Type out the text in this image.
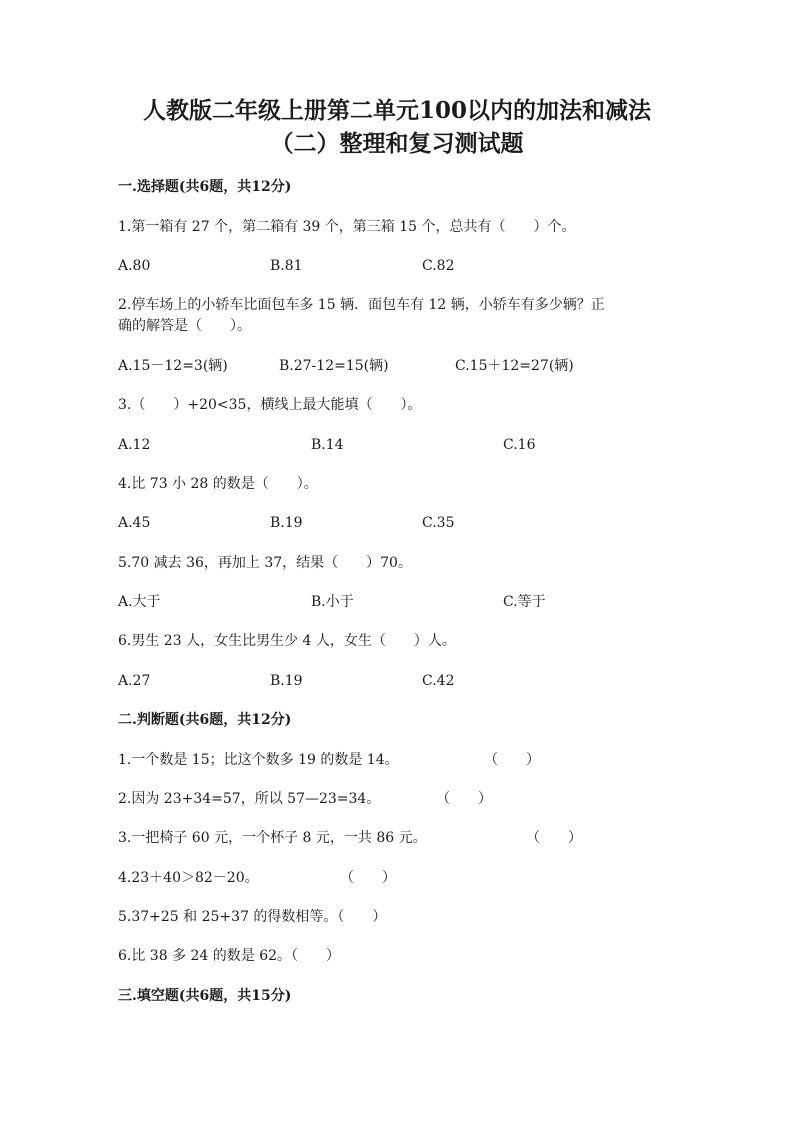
人教版二年级上册第二单元100以内的加法和减法
（二）整理和复习测试题
一.选择题(共6题，共12分)
1.第一箱有 27 个，第二箱有 39 个，第三箱 15 个，总共有（　　）个。
A.80	B.81	C.82
2.停车场上的小轿车比面包车多 15 辆．面包车有 12 辆，小轿车有多少辆？正
确的解答是（　　）。
A.15－12=3(辆)	B.27-12=15(辆)	C.15＋12=27(辆)
3.（　　）+20<35，横线上最大能填（　　）。
A.12	B.14	C.16
4.比 73 小 28 的数是（　　）。
A.45	B.19	C.35
5.70 减去 36，再加上 37，结果（　　）70。
A.大于	B.小于	C.等于
6.男生 23 人，女生比男生少 4 人，女生（　　）人。
A.27	B.19	C.42
二.判断题(共6题，共12分)
1.一个数是 15；比这个数多 19 的数是 14。	（　　）
2.因为 23+34=57，所以 57—23=34。	（　　）
3.一把椅子 60 元，一个杯子 8 元，一共 86 元。	（　　）
4.23＋40＞82－20。	（　　）
5.37+25 和 25+37 的得数相等。（　　）
6.比 38 多 24 的数是 62。（　　）
三.填空题(共6题，共15分)
